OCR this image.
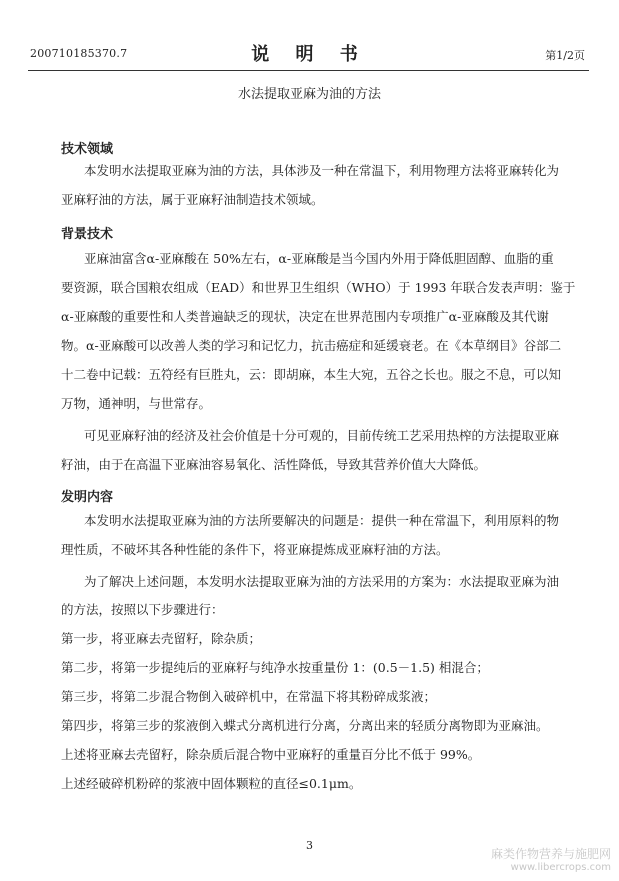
200710185370.7	说 明 书	第1/2页
水法提取亚麻为油的方法
技术领域
本发明水法提取亚麻为油的方法，具体涉及一种在常温下，利用物理方法将亚麻转化为
亚麻籽油的方法，属于亚麻籽油制造技术领域。
背景技术
亚麻油富含α-亚麻酸在 50%左右，α-亚麻酸是当今国内外用于降低胆固醇、血脂的重
要资源，联合国粮农组成（EAD）和世界卫生组织（WHO）于 1993 年联合发表声明：鉴于
α-亚麻酸的重要性和人类普遍缺乏的现状，决定在世界范围内专项推广α-亚麻酸及其代谢
物。α-亚麻酸可以改善人类的学习和记忆力，抗击癌症和延缓衰老。在《本草纲目》谷部二
十二卷中记载：五符经有巨胜丸，云：即胡麻，本生大宛，五谷之长也。服之不息，可以知
万物，通神明，与世常存。
可见亚麻籽油的经济及社会价值是十分可观的，目前传统工艺采用热榨的方法提取亚麻
籽油，由于在高温下亚麻油容易氧化、活性降低，导致其营养价值大大降低。
发明内容
本发明水法提取亚麻为油的方法所要解决的问题是：提供一种在常温下，利用原料的物
理性质，不破坏其各种性能的条件下，将亚麻提炼成亚麻籽油的方法。
为了解决上述问题，本发明水法提取亚麻为油的方法采用的方案为：水法提取亚麻为油
的方法，按照以下步骤进行：
第一步，将亚麻去壳留籽，除杂质；
第二步，将第一步提纯后的亚麻籽与纯净水按重量份 1：(0.5－1.5) 相混合；
第三步，将第二步混合物倒入破碎机中，在常温下将其粉碎成浆液；
第四步，将第三步的浆液倒入蝶式分离机进行分离，分离出来的轻质分离物即为亚麻油。
上述将亚麻去壳留籽，除杂质后混合物中亚麻籽的重量百分比不低于 99%。
上述经破碎机粉碎的浆液中固体颗粒的直径≤0.1μm。
3
麻类作物营养与施肥网
www.libercrops.com
